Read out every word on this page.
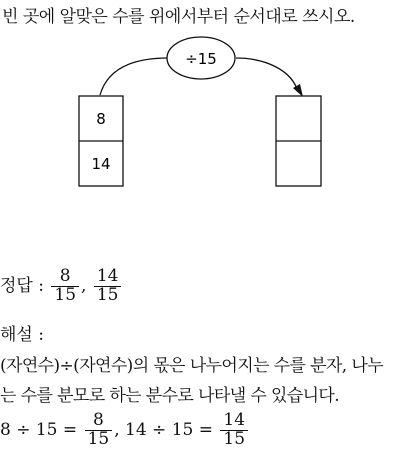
빈 곳에 알맞은 수를 위에서부터 순서대로 쓰시오.
÷15
8
14
정답 : $\frac{8}{15}$ , $\frac{14}{15}$
해설 :
(자연수)÷(자연수)의 몫은 나누어지는 수를 분자, 나누
는 수를 분모로 하는 분수로 나타낼 수 있습니다.
$8 \div 15 = \frac{8}{15}$ , $14 \div 15 = \frac{14}{15}$
